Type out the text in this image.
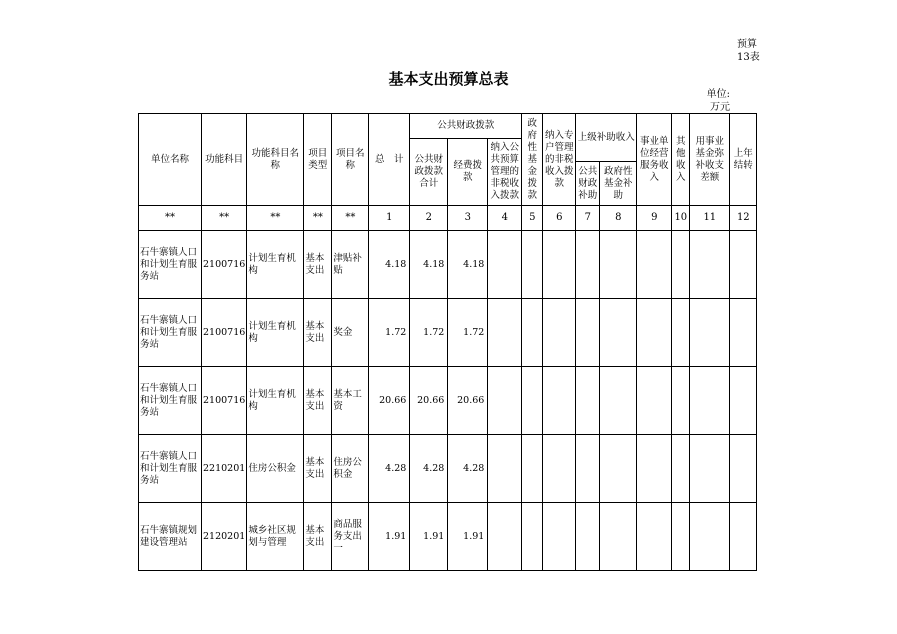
预算
13表
基本支出预算总表
单位:
万元
单位名称	功能科目	功能科目名称	项目类型	项目名称	总　计	公共财政拨款			政府性基金拨款	纳入专户管理的非税收入拨款	上级补助收入		事业单位经营服务收入	其他收入	用事业基金弥补收支差额	上年结转
						公共财政拨款合计	经费拨款	纳入公共预算管理的非税收入拨款								
											公共财政补助	政府性基金补助				
**	**	**	**	**	1	2	3	4	5	6	7	8	9	10	11	12
石牛寨镇人口和计划生育服务站	2100716	计划生育机构	基本支出	津贴补贴	4.18	4.18	4.18									
石牛寨镇人口和计划生育服务站	2100716	计划生育机构	基本支出	奖金	1.72	1.72	1.72									
石牛寨镇人口和计划生育服务站	2100716	计划生育机构	基本支出	基本工资	20.66	20.66	20.66									
石牛寨镇人口和计划生育服务站	2210201	住房公积金	基本支出	住房公积金	4.28	4.28	4.28									
石牛寨镇规划建设管理站	2120201	城乡社区规划与管理	基本支出	商品服务支出一	1.91	1.91	1.91									
